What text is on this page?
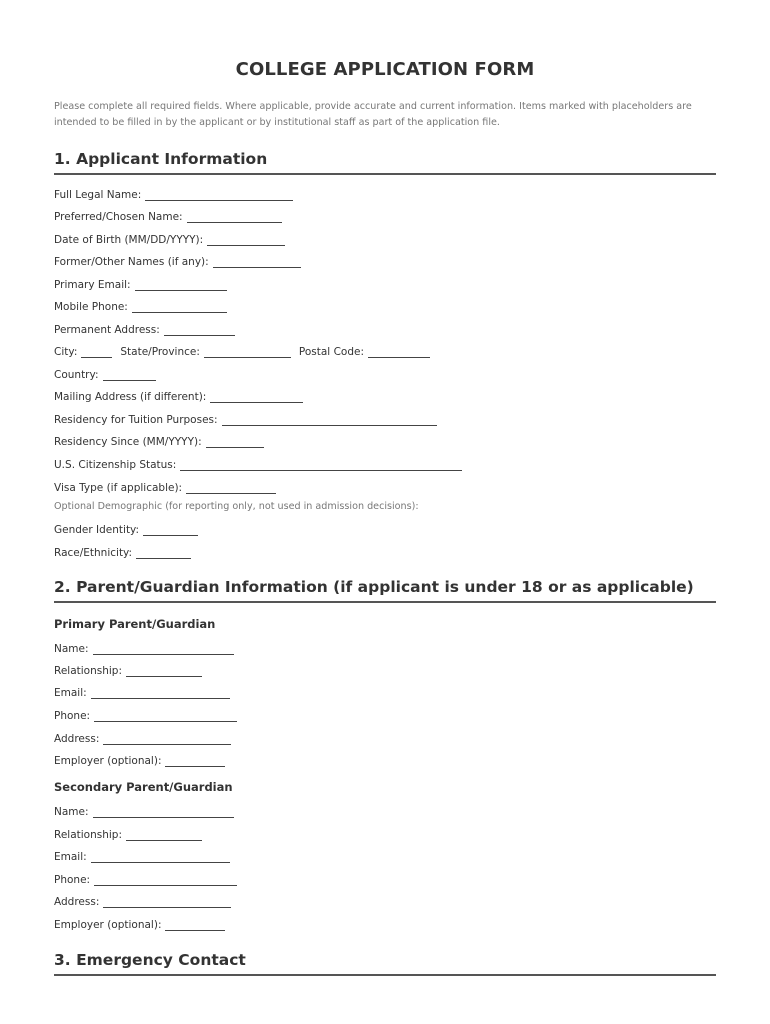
COLLEGE APPLICATION FORM
Please complete all required fields. Where applicable, provide accurate and current information. Items marked with placeholders are intended to be filled in by the applicant or by institutional staff as part of the application file.
1. Applicant Information
Full Legal Name:
Preferred/Chosen Name:
Date of Birth (MM/DD/YYYY):
Former/Other Names (if any):
Primary Email:
Mobile Phone:
Permanent Address:
City:	State/Province:	Postal Code:
Country:
Mailing Address (if different):
Residency for Tuition Purposes:
Residency Since (MM/YYYY):
U.S. Citizenship Status:
Visa Type (if applicable):
Optional Demographic (for reporting only, not used in admission decisions):
Gender Identity:
Race/Ethnicity:
2. Parent/Guardian Information (if applicant is under 18 or as applicable)
Primary Parent/Guardian
Name:
Relationship:
Email:
Phone:
Address:
Employer (optional):
Secondary Parent/Guardian
Name:
Relationship:
Email:
Phone:
Address:
Employer (optional):
3. Emergency Contact
